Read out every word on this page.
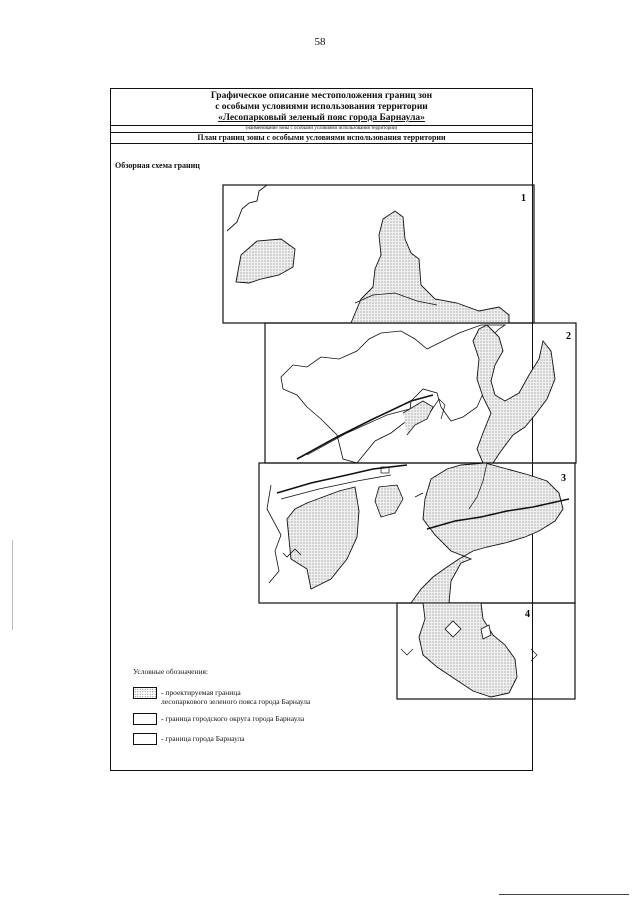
58
Графическое описание местоположения границ зон
с особыми условиями использования территории
«Лесопарковый зеленый пояс города Барнаула»
(наименование зоны с особыми условиями использования территории)
План границ зоны с особыми условиями использования территории
Обзорная схема границ
1
2
3
4
Условные обозначения:
- проектируемая граница
лесопаркового зеленого пояса города Барнаула
- граница городского округа города Барнаула
- граница города Барнаула
